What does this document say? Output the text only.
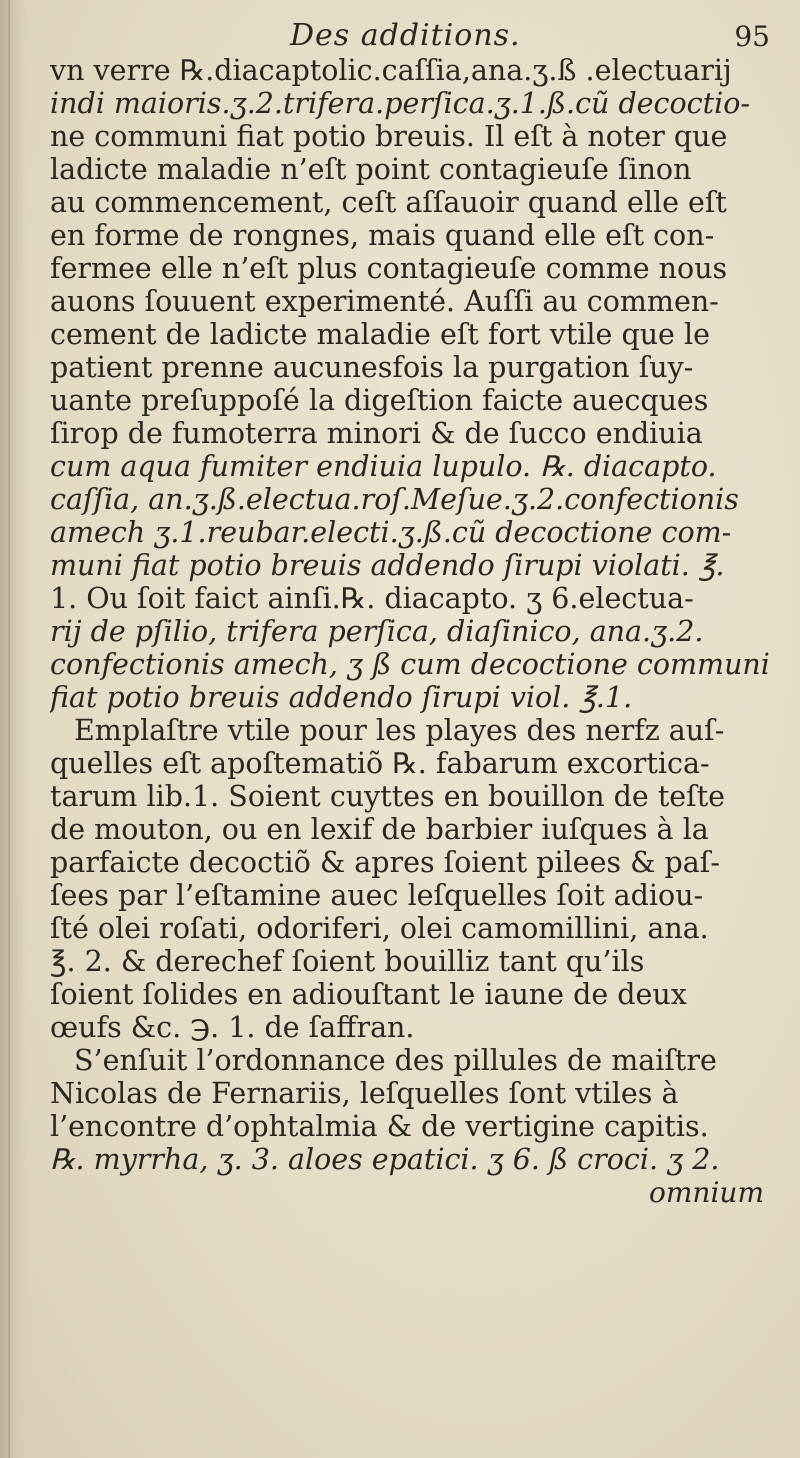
Des additions.	95
vn verre ℞.diacaptolic.caſſia,ana.ʒ.ß .electuarij
indi maioris.ʒ.2.trifera.perſica.ʒ.1.ß.cũ decoctio-
ne communi fiat potio breuis. Il eſt à noter que
ladicte maladie n’eſt point contagieuſe ſinon
au commencement, ceſt aſſauoir quand elle eſt
en forme de rongnes, mais quand elle eſt con-
fermee elle n’eſt plus contagieuſe comme nous
auons ſouuent experimenté. Auſſi au commen-
cement de ladicte maladie eſt fort vtile que le
patient prenne aucunesfois la purgation ſuy-
uante preſuppoſé la digeſtion faicte auecques
ſirop de fumoterra minori & de ſucco endiuia
cum aqua fumiter endiuia lupulo. ℞. diacapto.
caſſia, an.ʒ.ß.electua.roſ.Meſue.ʒ.2.confectionis
amech ʒ.1.reubar.electi.ʒ.ß.cũ decoctione com-
muni fiat potio breuis addendo ſirupi violati. ℥.
1. Ou ſoit faict ainſi.℞. diacapto. ʒ 6.electua-
rij de pſilio, trifera perſica, diaſinico, ana.ʒ.2.
confectionis amech, ʒ ß cum decoctione communi
fiat potio breuis addendo ſirupi viol. ℥.1.
Emplaſtre vtile pour les playes des nerfz auſ-
quelles eſt apoſtematiõ ℞. fabarum excortica-
tarum lib.1. Soient cuyttes en bouillon de teſte
de mouton, ou en lexif de barbier iuſques à la
parfaicte decoctiõ & apres ſoient pilees & paſ-
ſees par l’eſtamine auec leſquelles ſoit adiou-
ſté olei roſati, odoriferi, olei camomillini, ana.
℥. 2. & derechef ſoient bouilliz tant qu’ils
ſoient ſolides en adiouſtant le iaune de deux
œufs &c. ℈. 1. de ſaffran.
S’enſuit l’ordonnance des pillules de maiſtre
Nicolas de Fernariis, leſquelles ſont vtiles à
l’encontre d’ophtalmia & de vertigine capitis.
℞. myrrha, ʒ. 3. aloes epatici. ʒ 6. ß croci. ʒ 2.
omnium
